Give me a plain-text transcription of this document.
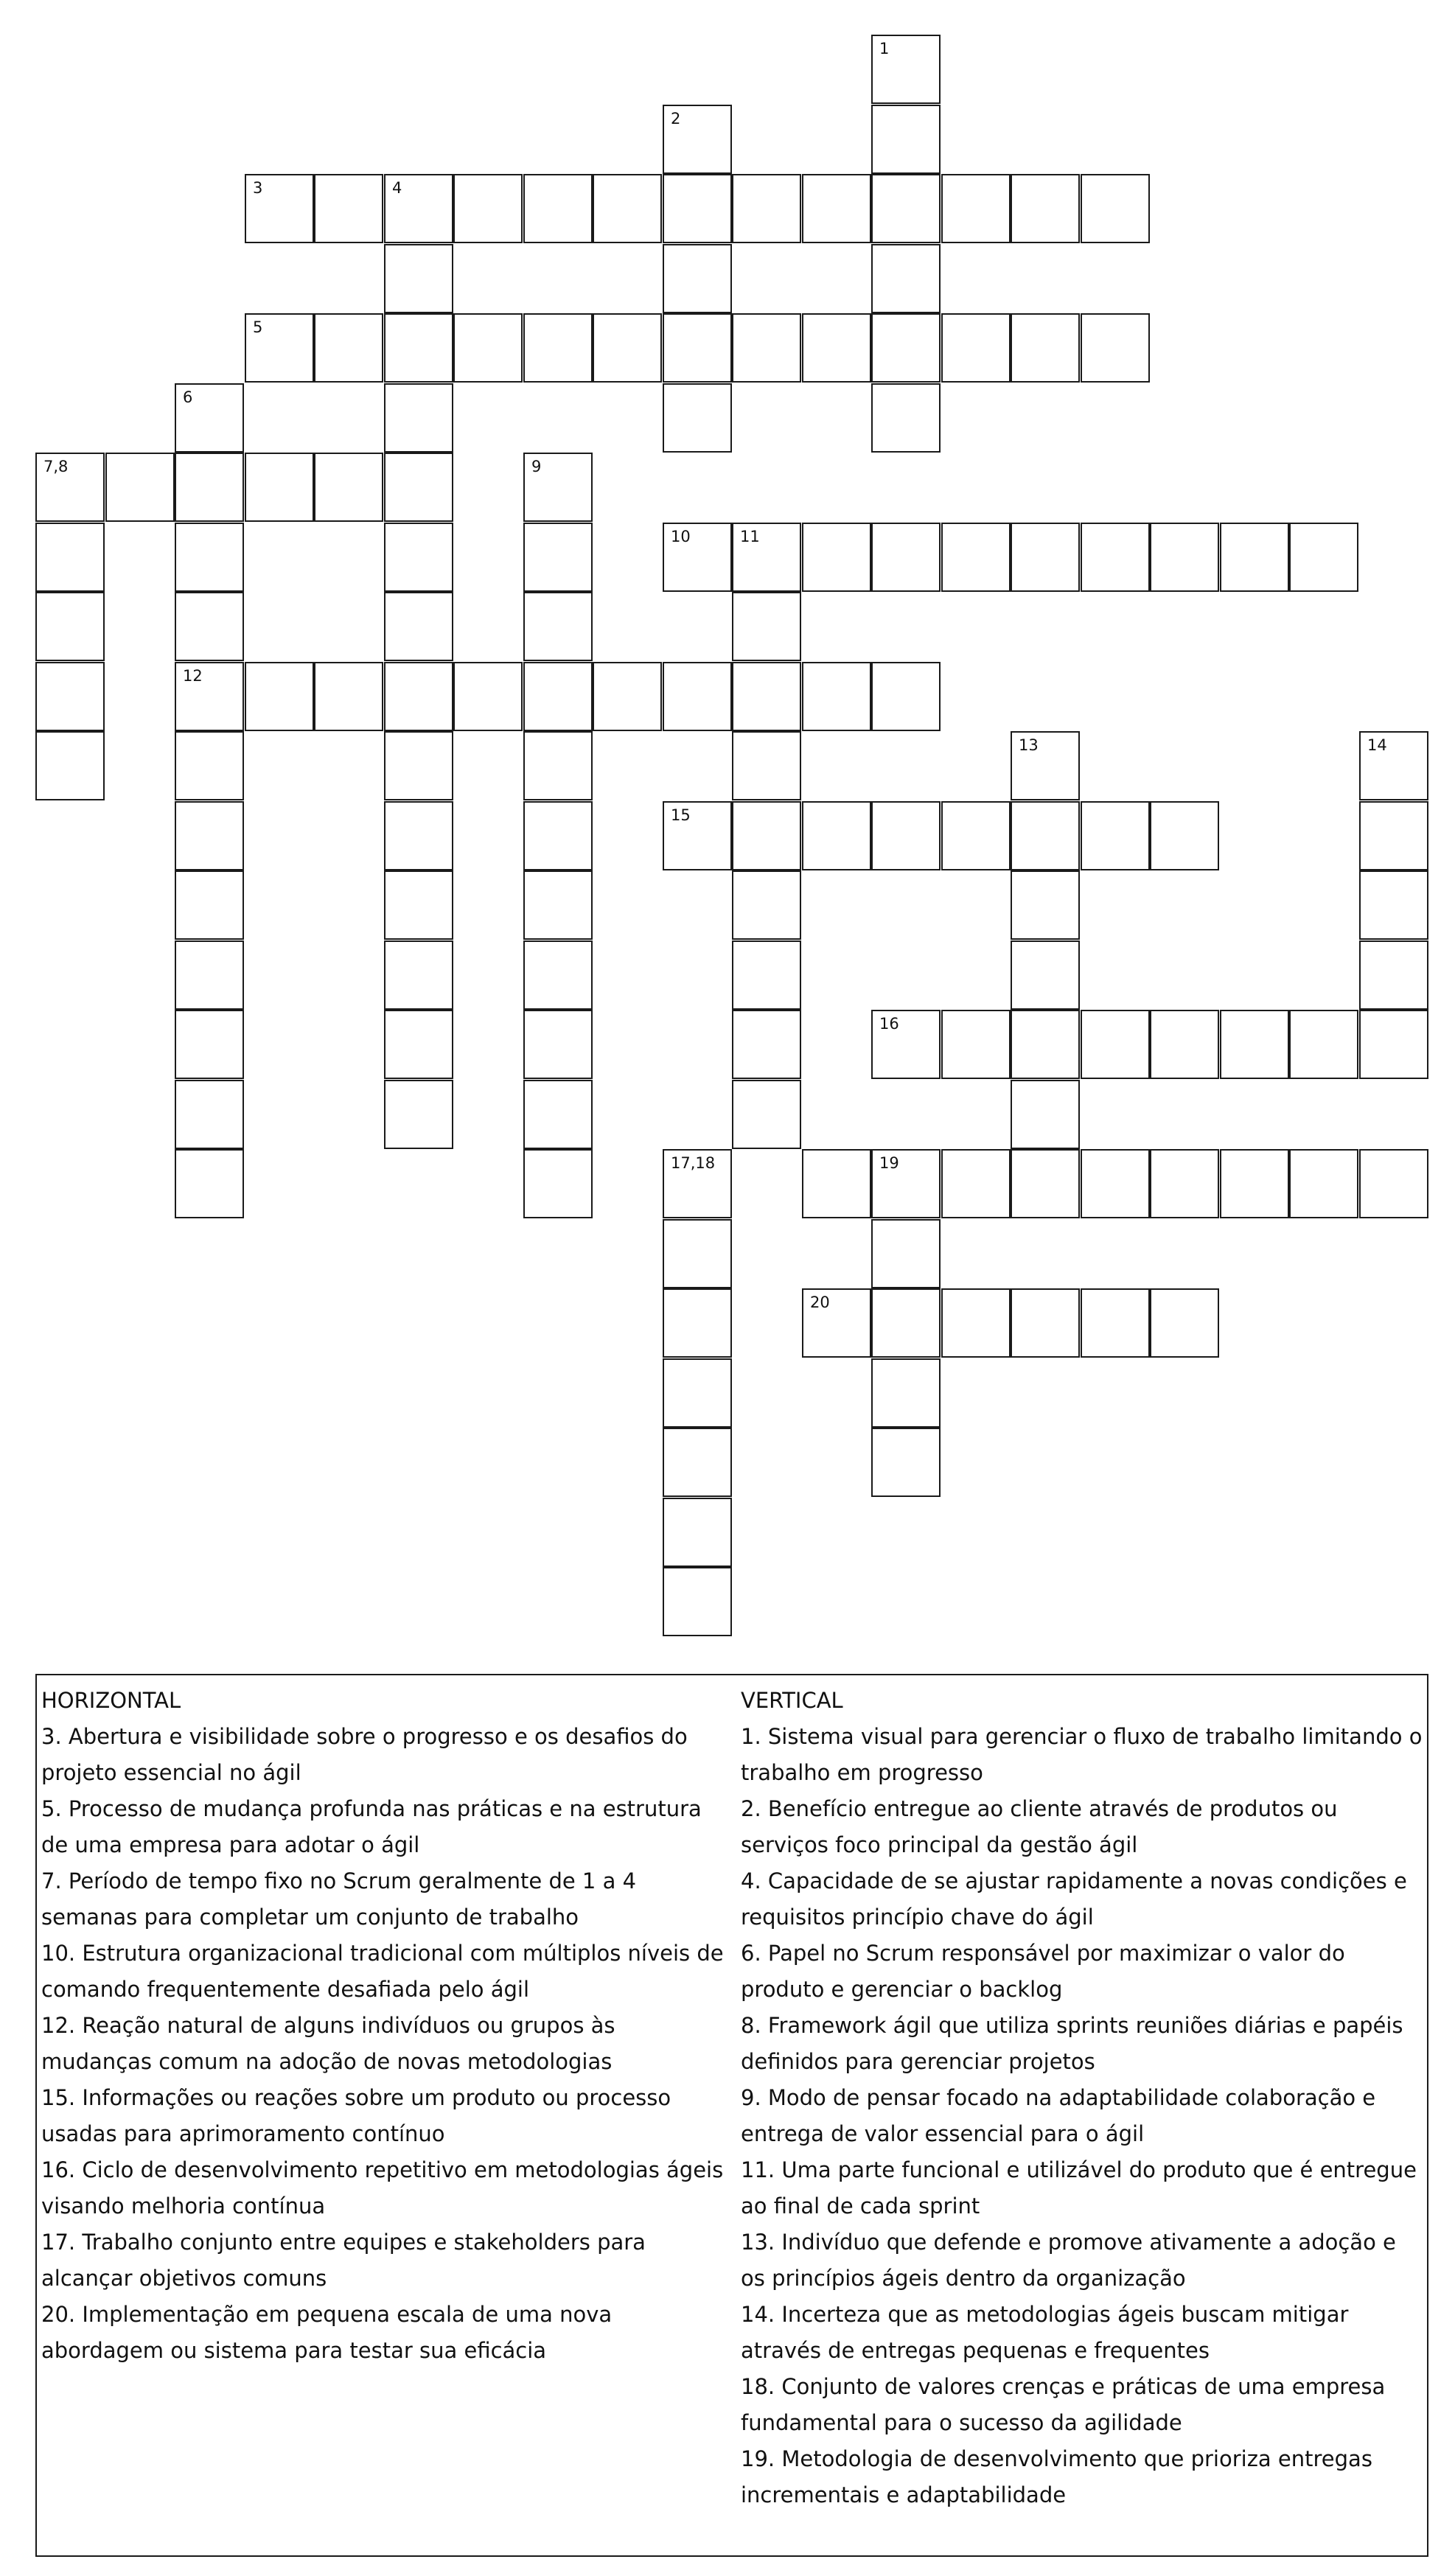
1
2
3	4
5
6
12
7,8	9
10	11
13	14
15
16
17,18	19
20
HORIZONTAL
3. Abertura e visibilidade sobre o progresso e os desafios do projeto essencial no ágil
5. Processo de mudança profunda nas práticas e na estrutura de uma empresa para adotar o ágil
7. Período de tempo fixo no Scrum geralmente de 1 a 4 semanas para completar um conjunto de trabalho
10. Estrutura organizacional tradicional com múltiplos níveis de comando frequentemente desafiada pelo ágil
12. Reação natural de alguns indivíduos ou grupos às mudanças comum na adoção de novas metodologias
15. Informações ou reações sobre um produto ou processo usadas para aprimoramento contínuo
16. Ciclo de desenvolvimento repetitivo em metodologias ágeis visando melhoria contínua
17. Trabalho conjunto entre equipes e stakeholders para alcançar objetivos comuns
20. Implementação em pequena escala de uma nova abordagem ou sistema para testar sua eficácia
VERTICAL
1. Sistema visual para gerenciar o fluxo de trabalho limitando o trabalho em progresso
2. Benefício entregue ao cliente através de produtos ou serviços foco principal da gestão ágil
4. Capacidade de se ajustar rapidamente a novas condições e requisitos princípio chave do ágil
6. Papel no Scrum responsável por maximizar o valor do produto e gerenciar o backlog
8. Framework ágil que utiliza sprints reuniões diárias e papéis definidos para gerenciar projetos
9. Modo de pensar focado na adaptabilidade colaboração e entrega de valor essencial para o ágil
11. Uma parte funcional e utilizável do produto que é entregue ao final de cada sprint
13. Indivíduo que defende e promove ativamente a adoção e os princípios ágeis dentro da organização
14. Incerteza que as metodologias ágeis buscam mitigar através de entregas pequenas e frequentes
18. Conjunto de valores crenças e práticas de uma empresa fundamental para o sucesso da agilidade
19. Metodologia de desenvolvimento que prioriza entregas incrementais e adaptabilidade
